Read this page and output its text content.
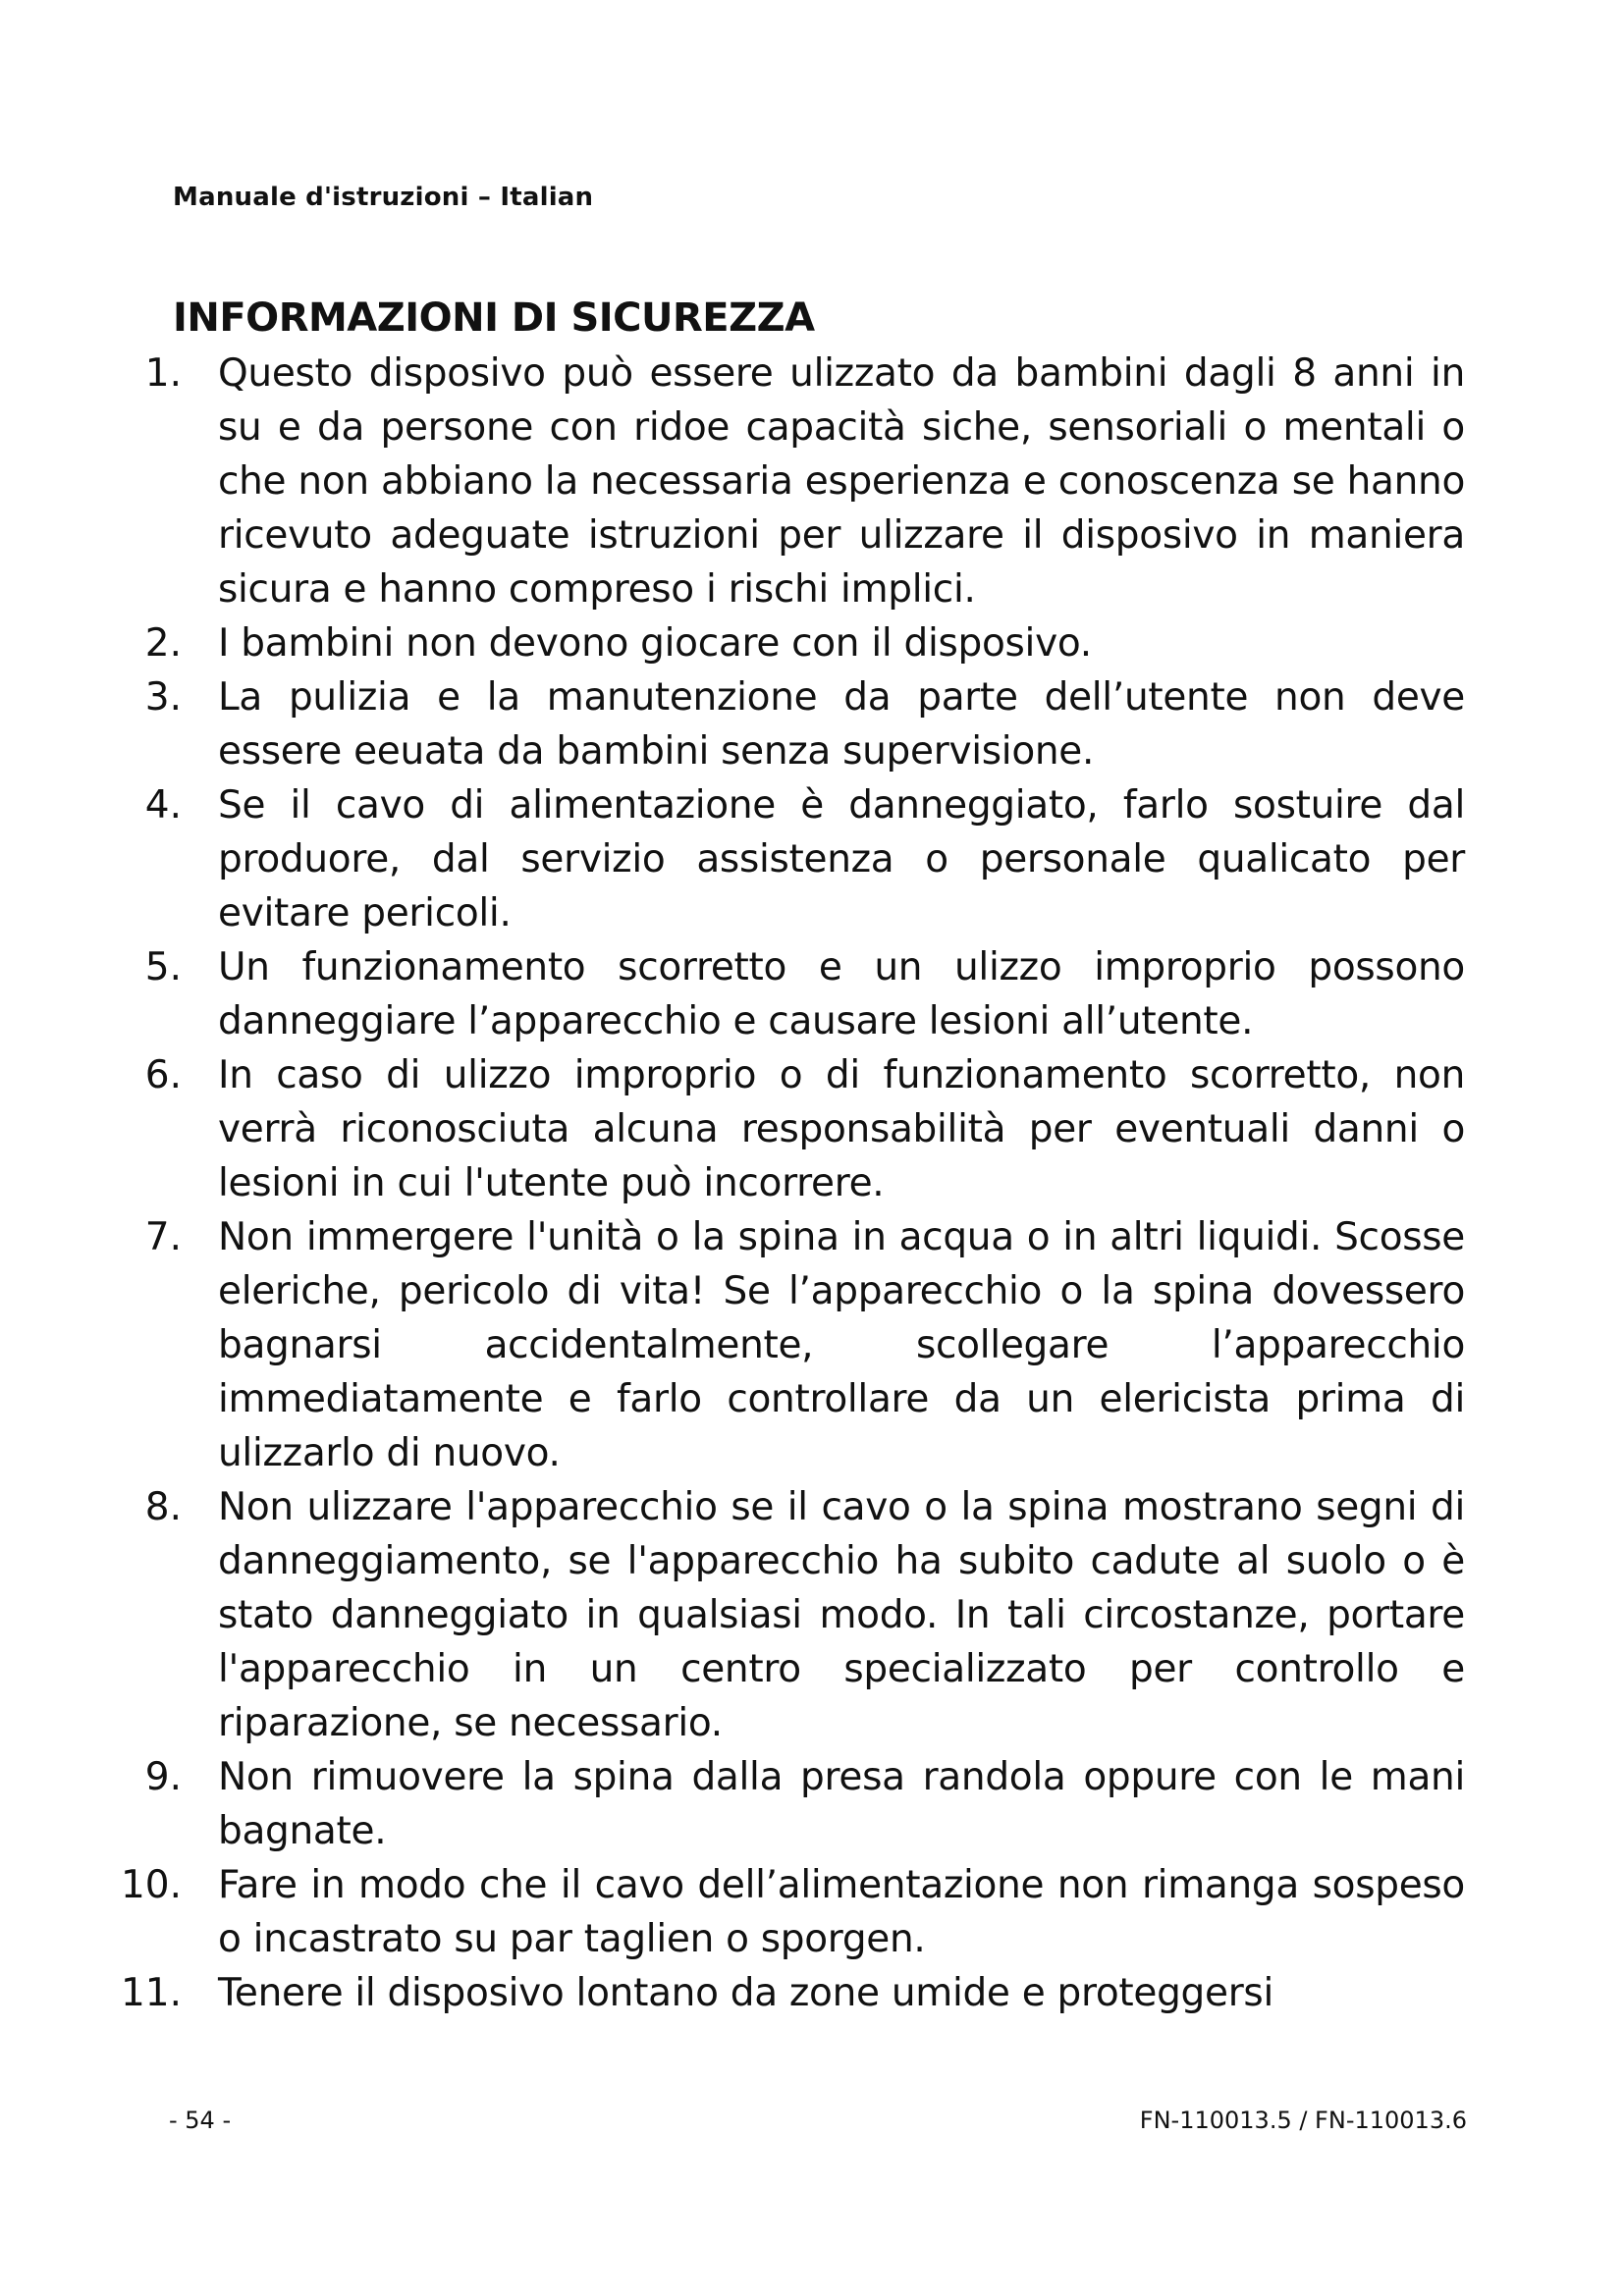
Manuale d'istruzioni – Italian
INFORMAZIONI DI SICUREZZA
1. Questo disposivo può essere ulizzato da bambini dagli 8 anni in su e da persone con ridoe capacità siche, sensoriali o mentali o che non abbiano la necessaria esperienza e conoscenza se hanno ricevuto adeguate istruzioni per ulizzare il disposivo in maniera sicura e hanno compreso i rischi implici.
2. I bambini non devono giocare con il disposivo.
3. La pulizia e la manutenzione da parte dell’utente non deve essere eeuata da bambini senza supervisione.
4. Se il cavo di alimentazione è danneggiato, farlo sostuire dal produore, dal servizio assistenza o personale qualicato per evitare pericoli.
5. Un funzionamento scorretto e un ulizzo improprio possono danneggiare l’apparecchio e causare lesioni all’utente.
6. In caso di ulizzo improprio o di funzionamento scorretto, non verrà riconosciuta alcuna responsabilità per eventuali danni o lesioni in cui l'utente può incorrere.
7. Non immergere l'unità o la spina in acqua o in altri liquidi. Scosse eleriche, pericolo di vita! Se l’apparecchio o la spina dovessero bagnarsi accidentalmente, scollegare l’apparecchio immediatamente e farlo controllare da un elericista prima di ulizzarlo di nuovo.
8. Non ulizzare l'apparecchio se il cavo o la spina mostrano segni di danneggiamento, se l'apparecchio ha subito cadute al suolo o è stato danneggiato in qualsiasi modo. In tali circostanze, portare l'apparecchio in un centro specializzato per controllo e riparazione, se necessario.
9. Non rimuovere la spina dalla presa randola oppure con le mani bagnate.
10. Fare in modo che il cavo dell’alimentazione non rimanga sospeso o incastrato su par taglien o sporgen.
11. Tenere il disposivo lontano da zone umide e proteggersi
- 54 -	FN-110013.5 / FN-110013.6
